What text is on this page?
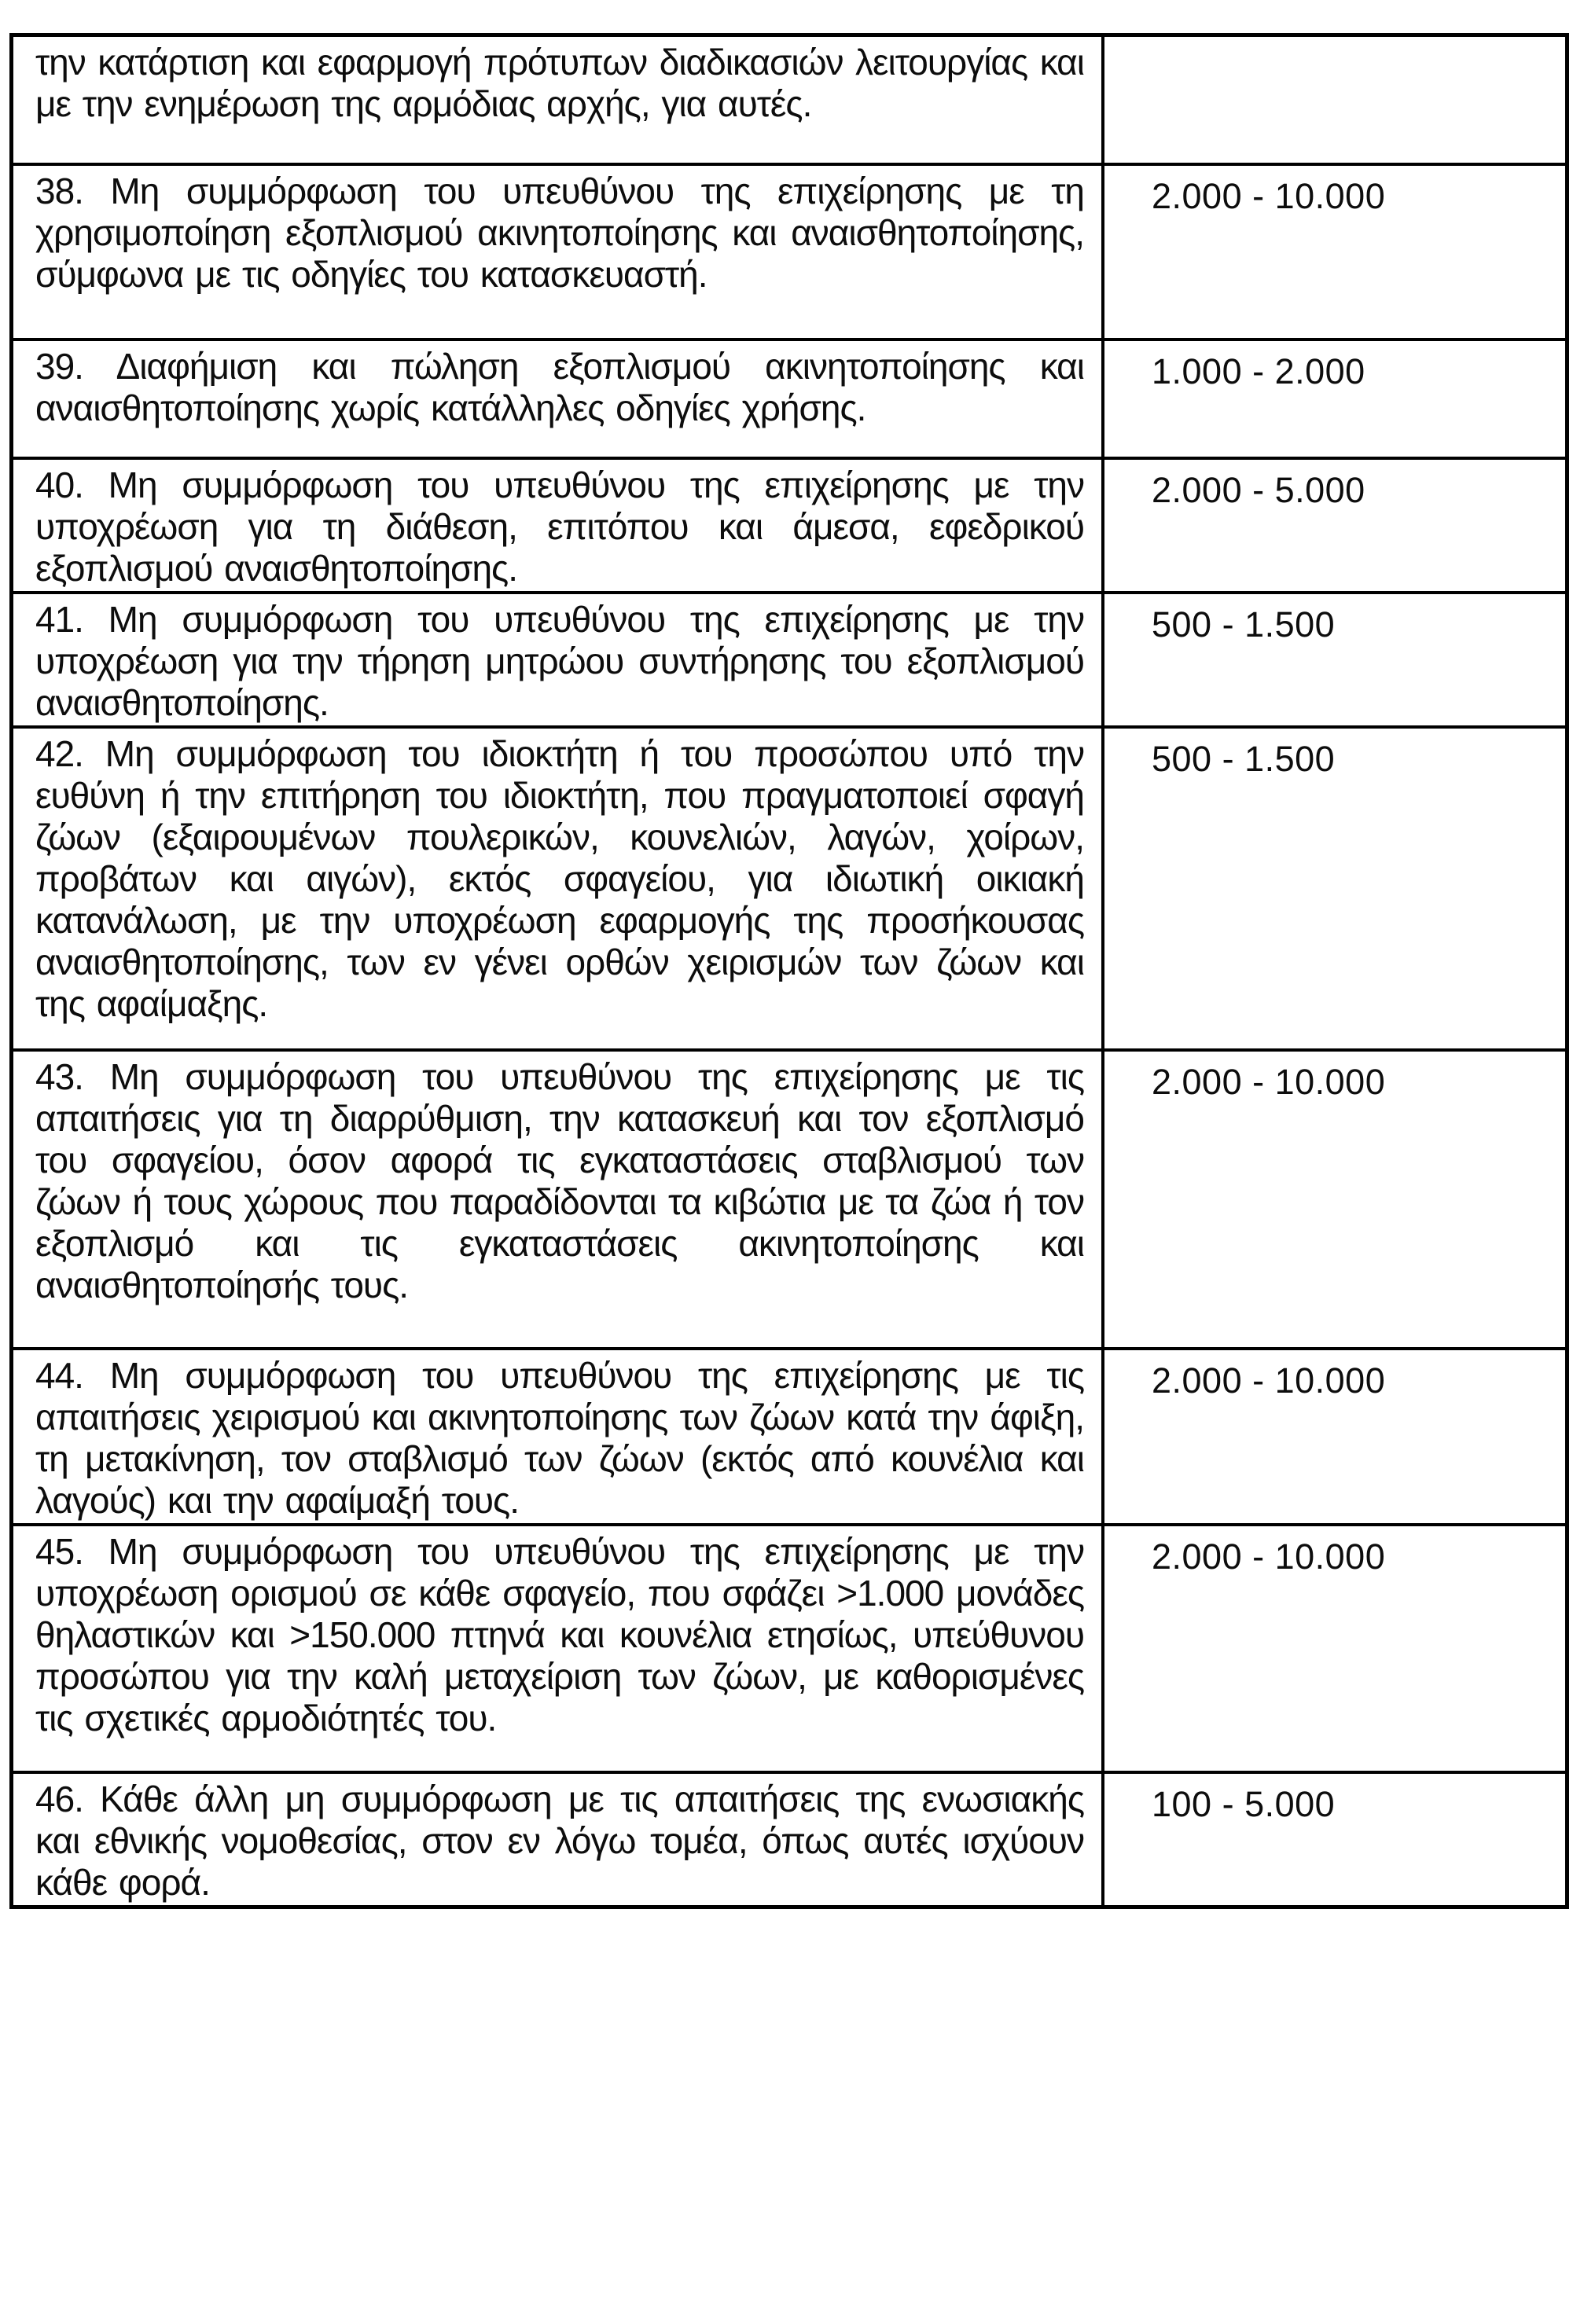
την κατάρτιση και εφαρμογή πρότυπων διαδικασιών λειτουργίας και με την ενημέρωση της αρμόδιας αρχής, για αυτές.
38. Μη συμμόρφωση του υπευθύνου της επιχείρησης με τη χρησιμοποίηση εξοπλισμού ακινητοποίησης και αναισθητοποίησης, σύμφωνα με τις οδηγίες του κατασκευαστή.
2.000 - 10.000
39. Διαφήμιση και πώληση εξοπλισμού ακινητοποίησης και αναισθητοποίησης χωρίς κατάλληλες οδηγίες χρήσης.
1.000 - 2.000
40. Μη συμμόρφωση του υπευθύνου της επιχείρησης με την υποχρέωση για τη διάθεση, επιτόπου και άμεσα, εφεδρικού εξοπλισμού αναισθητοποίησης.
2.000 - 5.000
41. Μη συμμόρφωση του υπευθύνου της επιχείρησης με την υποχρέωση για την τήρηση μητρώου συντήρησης του εξοπλισμού αναισθητοποίησης.
500 - 1.500
42. Μη συμμόρφωση του ιδιοκτήτη ή του προσώπου υπό την ευθύνη ή την επιτήρηση του ιδιοκτήτη, που πραγματοποιεί σφαγή ζώων (εξαιρουμένων πουλερικών, κουνελιών, λαγών, χοίρων, προβάτων και αιγών), εκτός σφαγείου, για ιδιωτική οικιακή κατανάλωση, με την υποχρέωση εφαρμογής της προσήκουσας αναισθητοποίησης, των εν γένει ορθών χειρισμών των ζώων και της αφαίμαξης.
500 - 1.500
43. Μη συμμόρφωση του υπευθύνου της επιχείρησης με τις απαιτήσεις για τη διαρρύθμιση, την κατασκευή και τον εξοπλισμό του σφαγείου, όσον αφορά τις εγκαταστάσεις σταβλισμού των ζώων ή τους χώρους που παραδίδονται τα κιβώτια με τα ζώα ή τον εξοπλισμό και τις εγκαταστάσεις ακινητοποίησης και αναισθητοποίησής τους.
2.000 - 10.000
44. Μη συμμόρφωση του υπευθύνου της επιχείρησης με τις απαιτήσεις χειρισμού και ακινητοποίησης των ζώων κατά την άφιξη, τη μετακίνηση, τον σταβλισμό των ζώων (εκτός από κουνέλια και λαγούς) και την αφαίμαξή τους.
2.000 - 10.000
45. Μη συμμόρφωση του υπευθύνου της επιχείρησης με την υποχρέωση ορισμού σε κάθε σφαγείο, που σφάζει >1.000 μονάδες θηλαστικών και >150.000 πτηνά και κουνέλια ετησίως, υπεύθυνου προσώπου για την καλή μεταχείριση των ζώων, με καθορισμένες τις σχετικές αρμοδιότητές του.
2.000 - 10.000
46. Κάθε άλλη μη συμμόρφωση με τις απαιτήσεις της ενωσιακής και εθνικής νομοθεσίας, στον εν λόγω τομέα, όπως αυτές ισχύουν κάθε φορά.
100 - 5.000
